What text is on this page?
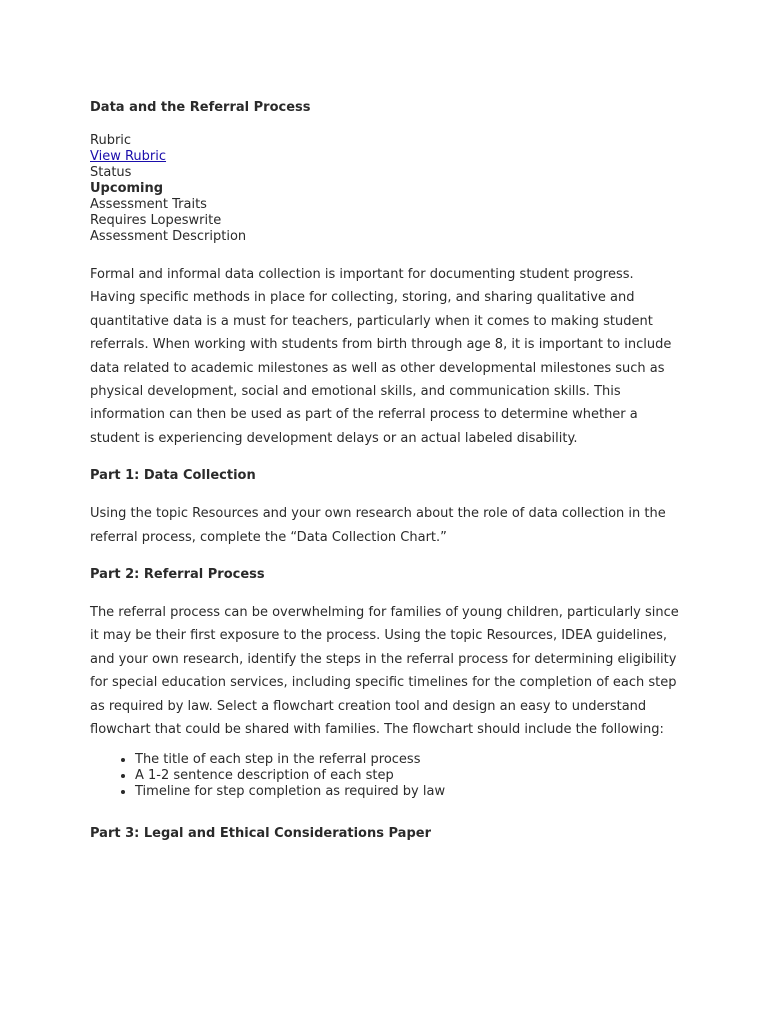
Data and the Referral Process
Rubric
View Rubric
Status
Upcoming
Assessment Traits
Requires Lopeswrite
Assessment Description

Formal and informal data collection is important for documenting student progress. Having specific methods in place for collecting, storing, and sharing qualitative and quantitative data is a must for teachers, particularly when it comes to making student referrals. When working with students from birth through age 8, it is important to include data related to academic milestones as well as other developmental milestones such as physical development, social and emotional skills, and communication skills. This information can then be used as part of the referral process to determine whether a student is experiencing development delays or an actual labeled disability.

Part 1: Data Collection

Using the topic Resources and your own research about the role of data collection in the referral process, complete the “Data Collection Chart.”

Part 2: Referral Process

The referral process can be overwhelming for families of young children, particularly since it may be their first exposure to the process. Using the topic Resources, IDEA guidelines, and your own research, identify the steps in the referral process for determining eligibility for special education services, including specific timelines for the completion of each step as required by law. Select a flowchart creation tool and design an easy to understand flowchart that could be shared with families. The flowchart should include the following:

• The title of each step in the referral process
• A 1-2 sentence description of each step
• Timeline for step completion as required by law
Part 3: Legal and Ethical Considerations Paper
